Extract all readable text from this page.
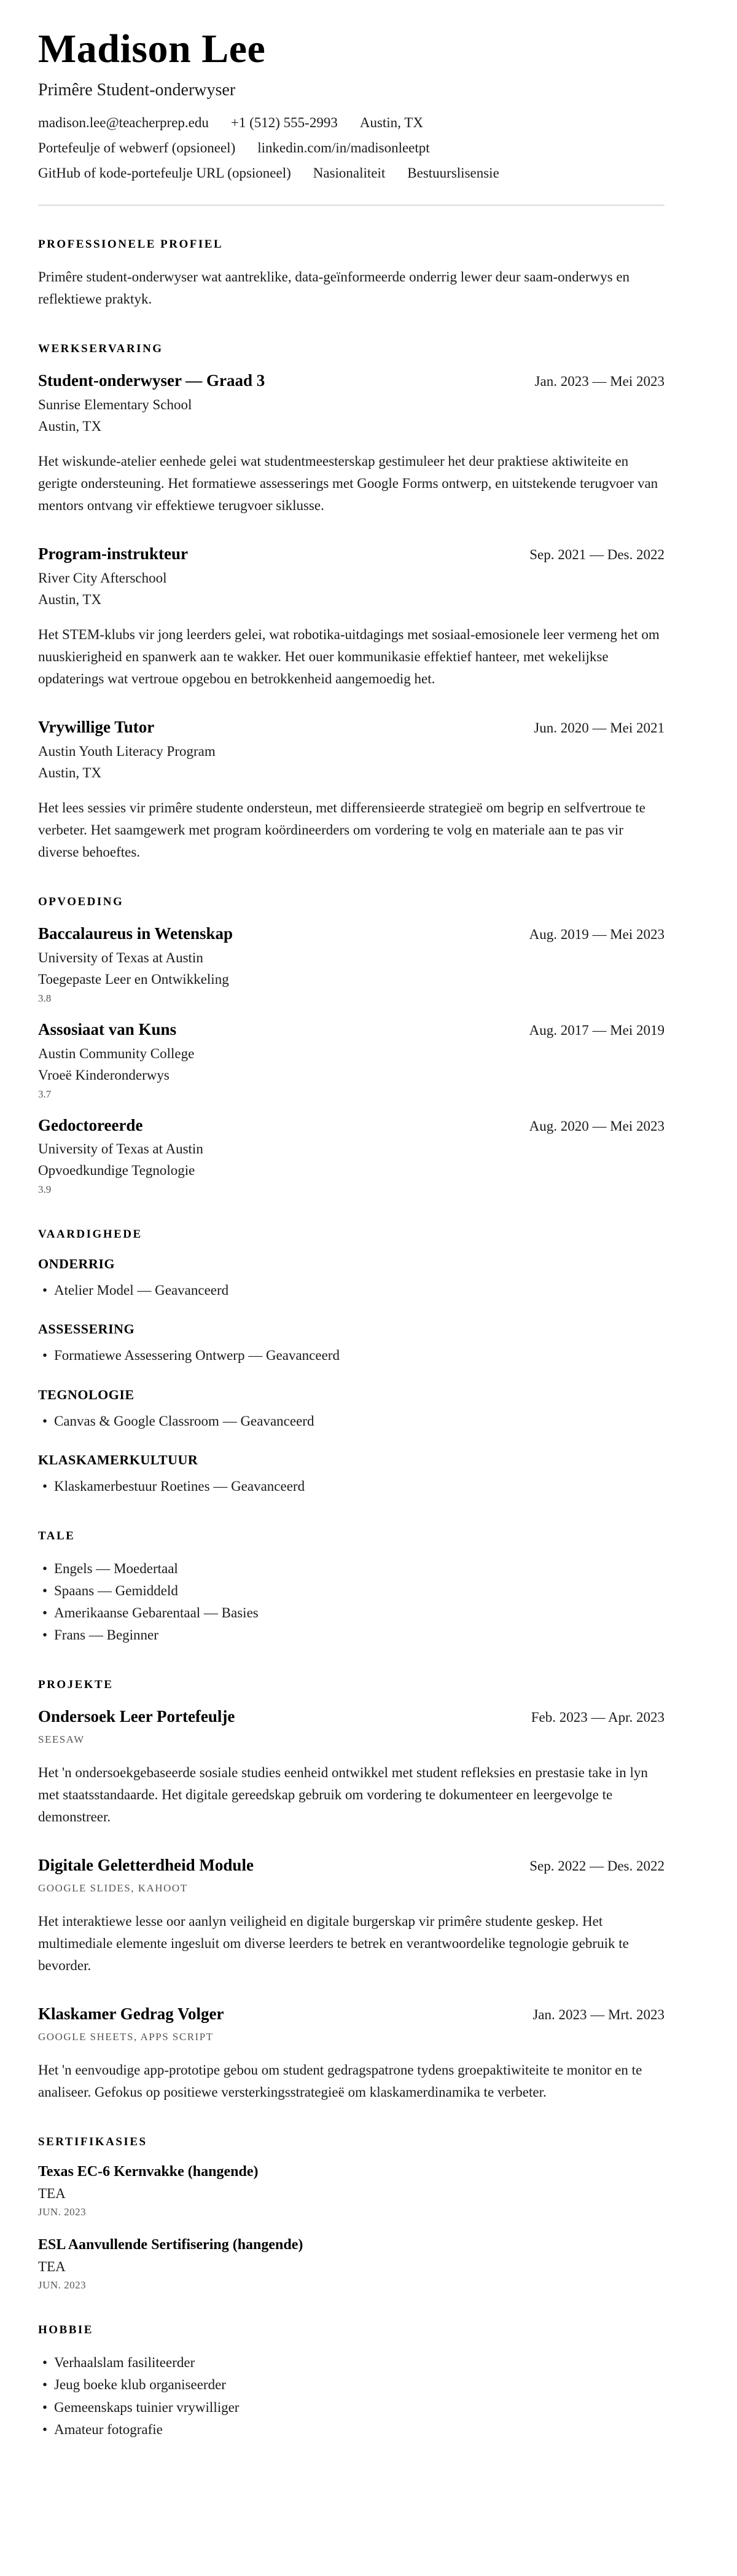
Madison Lee
Primêre Student-onderwyser
madison.lee@teacherprep.edu +1 (512) 555-2993 Austin, TX
Portefeulje of webwerf (opsioneel) linkedin.com/in/madisonleetpt
GitHub of kode-portefeulje URL (opsioneel) Nasionaliteit Bestuurslisensie
PROFESSIONELE PROFIEL

Primêre student-onderwyser wat aantreklike, data-geïnformeerde onderrig lewer deur saam-onderwys en reflektiewe praktyk.

WERKSERVARING
Student-onderwyser — Graad 3	Jan. 2023 — Mei 2023
Sunrise Elementary School
Austin, TX

Het wiskunde-atelier eenhede gelei wat studentmeesterskap gestimuleer het deur praktiese aktiwiteite en gerigte ondersteuning. Het formatiewe assesserings met Google Forms ontwerp, en uitstekende terugvoer van mentors ontvang vir effektiewe terugvoer siklusse.

Program-instrukteur	Sep. 2021 — Des. 2022
River City Afterschool
Austin, TX

Het STEM-klubs vir jong leerders gelei, wat robotika-uitdagings met sosiaal-emosionele leer vermeng het om nuuskierigheid en spanwerk aan te wakker. Het ouer kommunikasie effektief hanteer, met wekelijkse opdaterings wat vertroue opgebou en betrokkenheid aangemoedig het.

Vrywillige Tutor	Jun. 2020 — Mei 2021
Austin Youth Literacy Program
Austin, TX

Het lees sessies vir primêre studente ondersteun, met differensieerde strategieë om begrip en selfvertroue te verbeter. Het saamgewerk met program koördineerders om vordering te volg en materiale aan te pas vir diverse behoeftes.

OPVOEDING
Baccalaureus in Wetenskap	Aug. 2019 — Mei 2023
University of Texas at Austin
Toegepaste Leer en Ontwikkeling
3.8
Assosiaat van Kuns	Aug. 2017 — Mei 2019
Austin Community College
Vroeë Kinderonderwys
3.7
Gedoctoreerde	Aug. 2020 — Mei 2023
University of Texas at Austin
Opvoedkundige Tegnologie
3.9
VAARDIGHEDE
ONDERRIG
• Atelier Model — Geavanceerd
ASSESSERING
• Formatiewe Assessering Ontwerp — Geavanceerd
TEGNOLOGIE
• Canvas & Google Classroom — Geavanceerd
KLASKAMERKULTUUR
• Klaskamerbestuur Roetines — Geavanceerd
TALE
• Engels — Moedertaal
• Spaans — Gemiddeld
• Amerikaanse Gebarentaal — Basies
• Frans — Beginner
PROJEKTE
Ondersoek Leer Portefeulje	Feb. 2023 — Apr. 2023
SEESAW

Het 'n ondersoekgebaseerde sosiale studies eenheid ontwikkel met student refleksies en prestasie take in lyn met staatsstandaarde. Het digitale gereedskap gebruik om vordering te dokumenteer en leergevolge te demonstreer.

Digitale Geletterdheid Module	Sep. 2022 — Des. 2022
GOOGLE SLIDES, KAHOOT

Het interaktiewe lesse oor aanlyn veiligheid en digitale burgerskap vir primêre studente geskep. Het multimediale elemente ingesluit om diverse leerders te betrek en verantwoordelike tegnologie gebruik te bevorder.

Klaskamer Gedrag Volger	Jan. 2023 — Mrt. 2023
GOOGLE SHEETS, APPS SCRIPT

Het 'n eenvoudige app-prototipe gebou om student gedragspatrone tydens groepaktiwiteite te monitor en te analiseer. Gefokus op positiewe versterkingsstrategieë om klaskamerdinamika te verbeter.

SERTIFIKASIES
Texas EC-6 Kernvakke (hangende)
TEA
JUN. 2023
ESL Aanvullende Sertifisering (hangende)
TEA
JUN. 2023
HOBBIE
• Verhaalslam fasiliteerder
• Jeug boeke klub organiseerder
• Gemeenskaps tuinier vrywilliger
• Amateur fotografie
